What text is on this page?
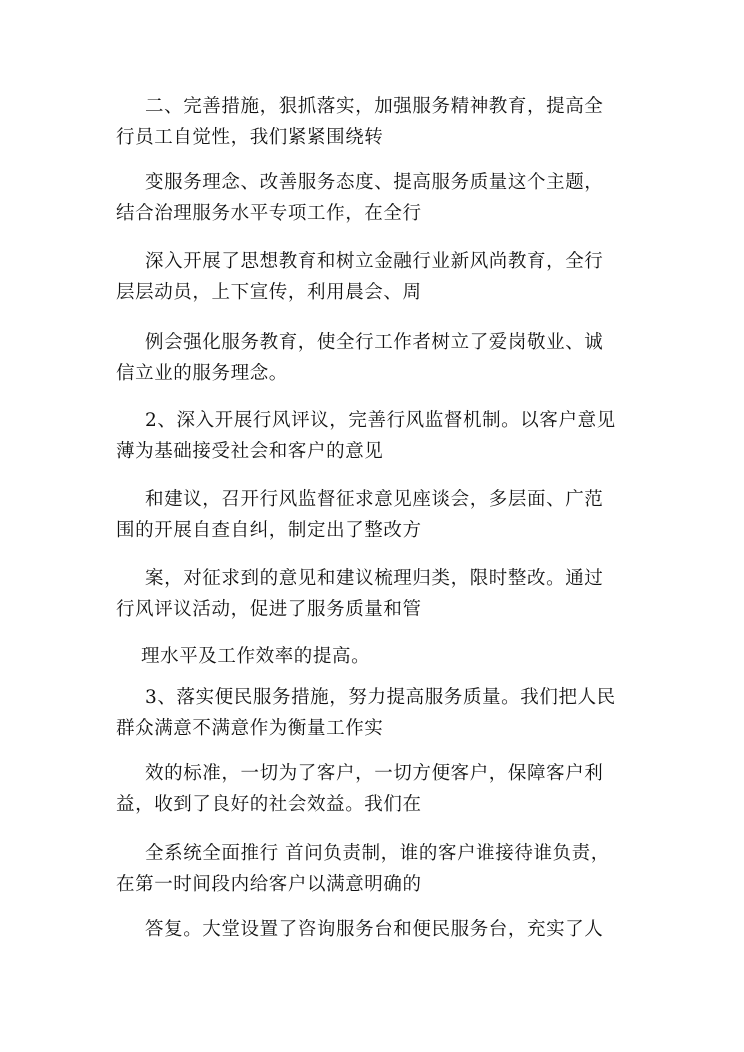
二、完善措施，狠抓落实，加强服务精神教育，提高全
行员工自觉性，我们紧紧围绕转
变服务理念、改善服务态度、提高服务质量这个主题，
结合治理服务水平专项工作，在全行
深入开展了思想教育和树立金融行业新风尚教育，全行
层层动员，上下宣传，利用晨会、周
例会强化服务教育，使全行工作者树立了爱岗敬业、诚
信立业的服务理念。
2、深入开展行风评议，完善行风监督机制。以客户意见
薄为基础接受社会和客户的意见
和建议，召开行风监督征求意见座谈会，多层面、广范
围的开展自查自纠，制定出了整改方
案，对征求到的意见和建议梳理归类，限时整改。通过
行风评议活动，促进了服务质量和管
理水平及工作效率的提高。
3、落实便民服务措施，努力提高服务质量。我们把人民
群众满意不满意作为衡量工作实
效的标准，一切为了客户，一切方便客户，保障客户利
益，收到了良好的社会效益。我们在
全系统全面推行 首问负责制，谁的客户谁接待谁负责，
在第一时间段内给客户以满意明确的
答复。大堂设置了咨询服务台和便民服务台，充实了人
